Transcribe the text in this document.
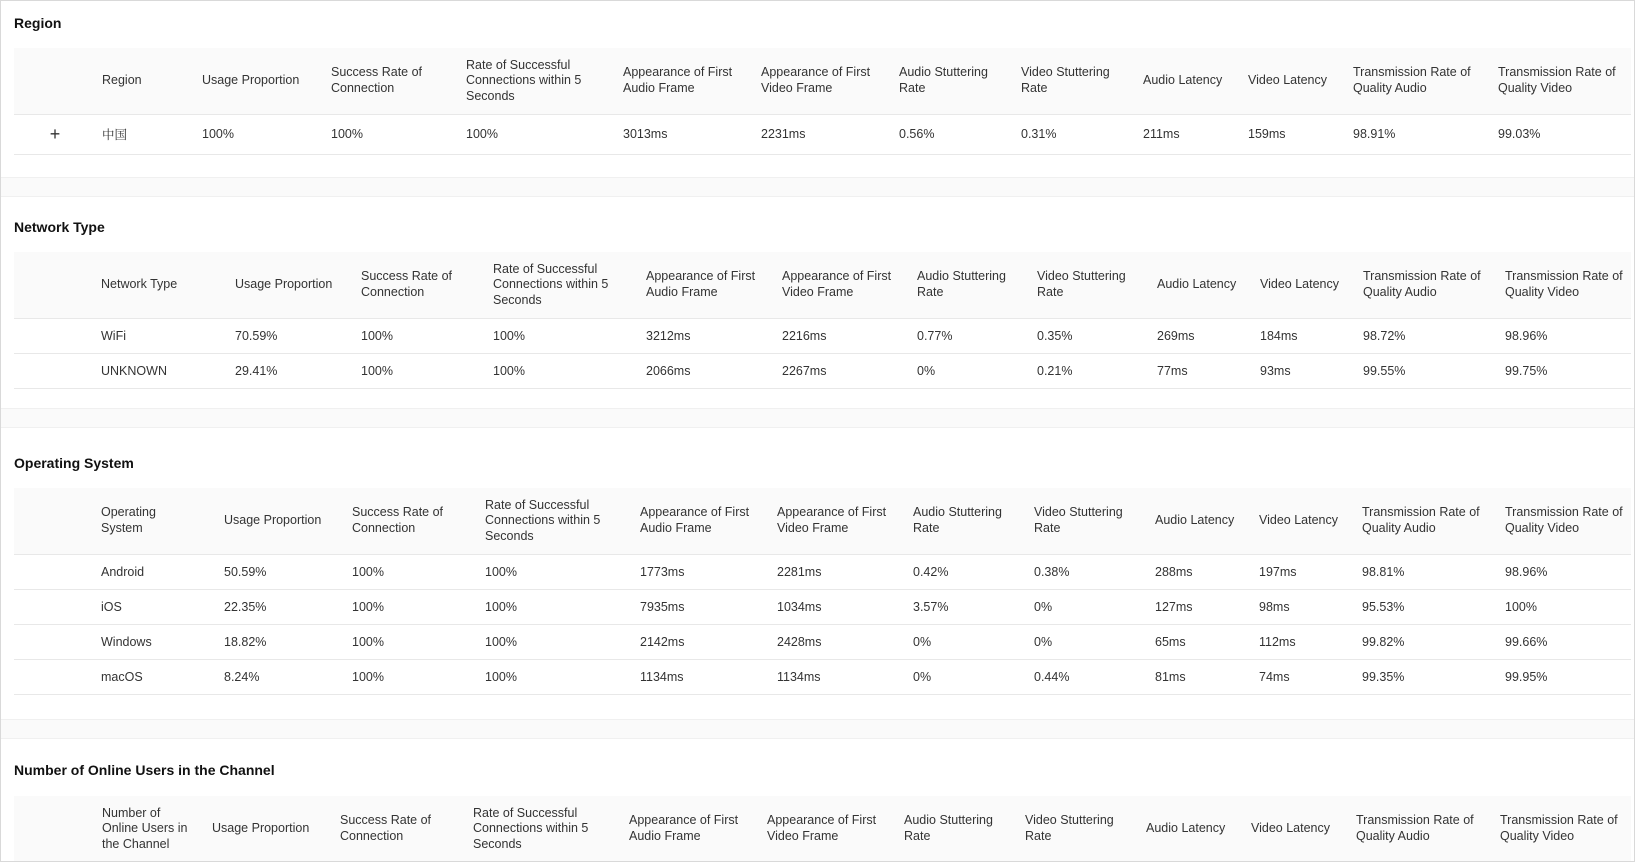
Region
	Region	Usage Proportion	Success Rate of Connection	Rate of Successful Connections within 5 Seconds	Appearance of First Audio Frame	Appearance of First Video Frame	Audio Stuttering Rate	Video Stuttering Rate	Audio Latency	Video Latency	Transmission Rate of Quality Audio	Transmission Rate of Quality Video
+	中国	100%	100%	100%	3013ms	2231ms	0.56%	0.31%	211ms	159ms	98.91%	99.03%
Network Type
	Network Type	Usage Proportion	Success Rate of Connection	Rate of Successful Connections within 5 Seconds	Appearance of First Audio Frame	Appearance of First Video Frame	Audio Stuttering Rate	Video Stuttering Rate	Audio Latency	Video Latency	Transmission Rate of Quality Audio	Transmission Rate of Quality Video
	WiFi	70.59%	100%	100%	3212ms	2216ms	0.77%	0.35%	269ms	184ms	98.72%	98.96%
	UNKNOWN	29.41%	100%	100%	2066ms	2267ms	0%	0.21%	77ms	93ms	99.55%	99.75%
Operating System
	Operating System	Usage Proportion	Success Rate of Connection	Rate of Successful Connections within 5 Seconds	Appearance of First Audio Frame	Appearance of First Video Frame	Audio Stuttering Rate	Video Stuttering Rate	Audio Latency	Video Latency	Transmission Rate of Quality Audio	Transmission Rate of Quality Video
	Android	50.59%	100%	100%	1773ms	2281ms	0.42%	0.38%	288ms	197ms	98.81%	98.96%
	iOS	22.35%	100%	100%	7935ms	1034ms	3.57%	0%	127ms	98ms	95.53%	100%
	Windows	18.82%	100%	100%	2142ms	2428ms	0%	0%	65ms	112ms	99.82%	99.66%
	macOS	8.24%	100%	100%	1134ms	1134ms	0%	0.44%	81ms	74ms	99.35%	99.95%
Number of Online Users in the Channel
	Number of Online Users in the Channel	Usage Proportion	Success Rate of Connection	Rate of Successful Connections within 5 Seconds	Appearance of First Audio Frame	Appearance of First Video Frame	Audio Stuttering Rate	Video Stuttering Rate	Audio Latency	Video Latency	Transmission Rate of Quality Audio	Transmission Rate of Quality Video
